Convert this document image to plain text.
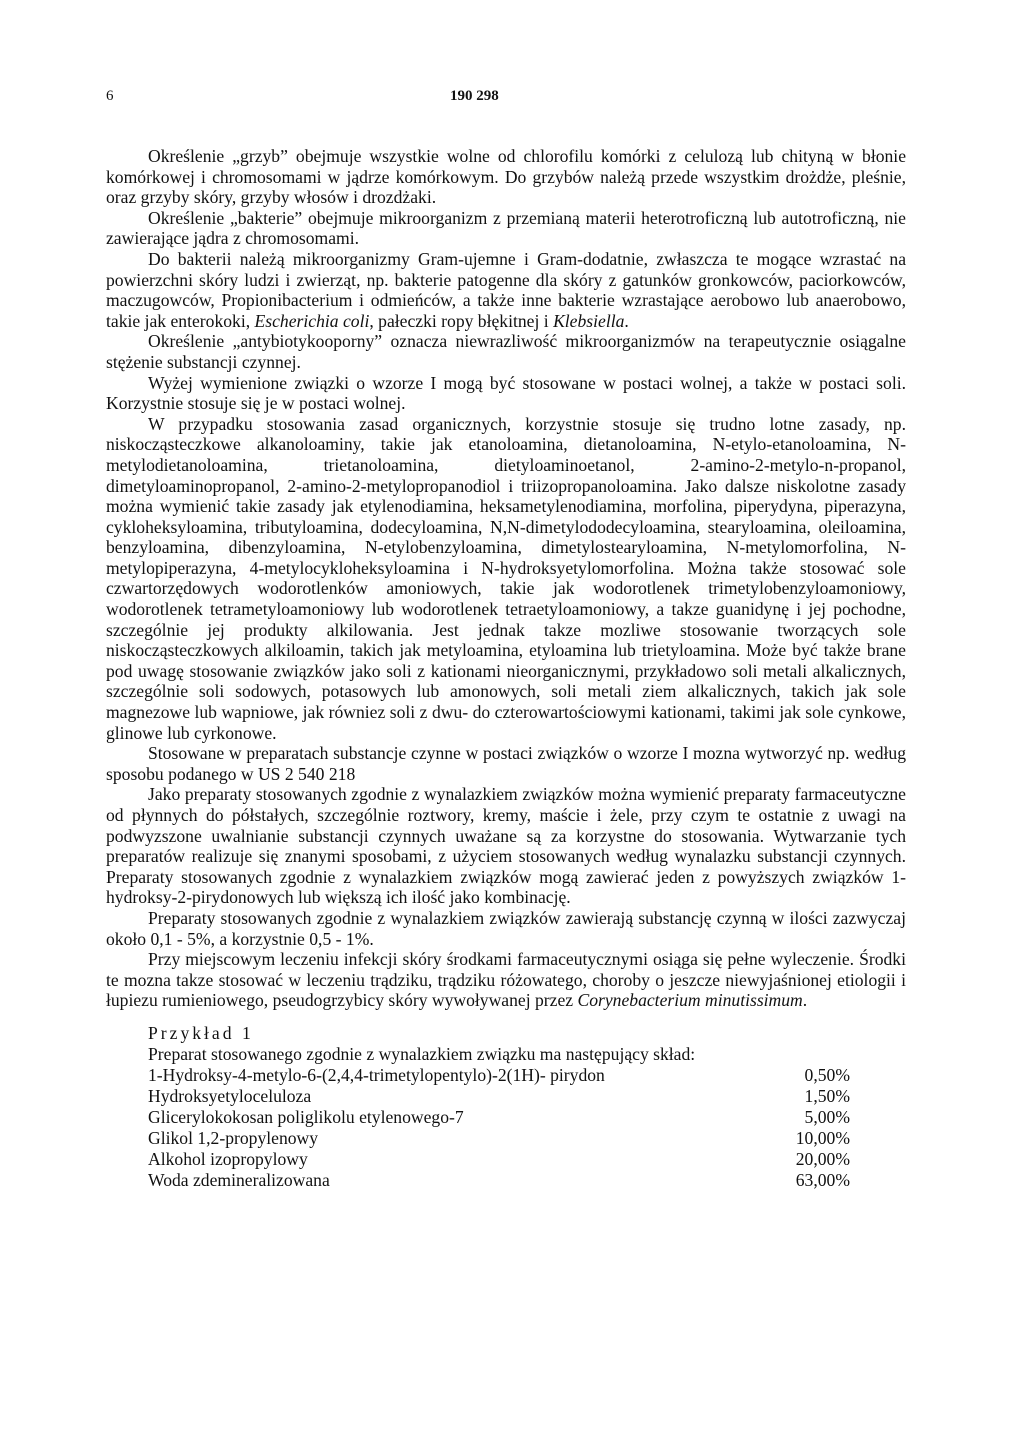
6	190 298

Określenie „grzyb” obejmuje wszystkie wolne od chlorofilu komórki z celulozą lub chityną w błonie komórkowej i chromosomami w jądrze komórkowym. Do grzybów należą przede wszystkim drożdże, pleśnie, oraz grzyby skóry, grzyby włosów i drozdżaki.

Określenie „bakterie” obejmuje mikroorganizm z przemianą materii heterotroficzną lub autotroficzną, nie zawierające jądra z chromosomami.

Do bakterii należą mikroorganizmy Gram-ujemne i Gram-dodatnie, zwłaszcza te mogące wzrastać na powierzchni skóry ludzi i zwierząt, np. bakterie patogenne dla skóry z gatunków gronkowców, paciorkowców, maczugowców, Propionibacterium i odmieńców, a także inne bakterie wzrastające aerobowo lub anaerobowo, takie jak enterokoki, Escherichia coli, pałeczki ropy błękitnej i Klebsiella.

Określenie „antybiotykooporny” oznacza niewrazliwość mikroorganizmów na terapeutycznie osiągalne stężenie substancji czynnej.

Wyżej wymienione związki o wzorze I mogą być stosowane w postaci wolnej, a także w postaci soli. Korzystnie stosuje się je w postaci wolnej.

W przypadku stosowania zasad organicznych, korzystnie stosuje się trudno lotne zasady, np. niskocząsteczkowe alkanoloaminy, takie jak etanoloamina, dietanoloamina, N-etylo-etanoloamina, N-metylodietanoloamina, trietanoloamina, dietyloaminoetanol, 2-amino-2-metylo-n-propanol, dimetyloaminopropanol, 2-amino-2-metylopropanodiol i triizopropanoloamina. Jako dalsze niskolotne zasady można wymienić takie zasady jak etylenodiamina, heksametylenodiamina, morfolina, piperydyna, piperazyna, cykloheksyloamina, tributyloamina, dodecyloamina, N,N-dimetylododecyloamina, stearyloamina, oleiloamina, benzyloamina, dibenzyloamina, N-etylobenzyloamina, dimetylostearyloamina, N-metylomorfolina, N-metylopiperazyna, 4-metylocykloheksyloamina i N-hydroksyetylomorfolina. Można także stosować sole czwartorzędowych wodorotlenków amoniowych, takie jak wodorotlenek trimetylobenzyloamoniowy, wodorotlenek tetrametyloamoniowy lub wodorotlenek tetraetyloamoniowy, a takze guanidynę i jej pochodne, szczególnie jej produkty alkilowania. Jest jednak takze mozliwe stosowanie tworzących sole niskocząsteczkowych alkiloamin, takich jak metyloamina, etyloamina lub trietyloamina. Może być także brane pod uwagę stosowanie związków jako soli z kationami nieorganicznymi, przykładowo soli metali alkalicznych, szczególnie soli sodowych, potasowych lub amonowych, soli metali ziem alkalicznych, takich jak sole magnezowe lub wapniowe, jak równiez soli z dwu- do czterowartościowymi kationami, takimi jak sole cynkowe, glinowe lub cyrkonowe.

Stosowane w preparatach substancje czynne w postaci związków o wzorze I mozna wytworzyć np. według sposobu podanego w US 2 540 218

Jako preparaty stosowanych zgodnie z wynalazkiem związków można wymienić preparaty farmaceutyczne od płynnych do półstałych, szczególnie roztwory, kremy, maście i żele, przy czym te ostatnie z uwagi na podwyzszone uwalnianie substancji czynnych uważane są za korzystne do stosowania. Wytwarzanie tych preparatów realizuje się znanymi sposobami, z użyciem stosowanych według wynalazku substancji czynnych. Preparaty stosowanych zgodnie z wynalazkiem związków mogą zawierać jeden z powyższych związków 1-hydroksy-2-pirydonowych lub większą ich ilość jako kombinację.

Preparaty stosowanych zgodnie z wynalazkiem związków zawierają substancję czynną w ilości zazwyczaj około 0,1 - 5%, a korzystnie 0,5 - 1%.

Przy miejscowym leczeniu infekcji skóry środkami farmaceutycznymi osiąga się pełne wyleczenie. Środki te mozna takze stosować w leczeniu trądziku, trądziku różowatego, choroby o jeszcze niewyjaśnionej etiologii i łupiezu rumieniowego, pseudogrzybicy skóry wywoływanej przez Corynebacterium minutissimum.

Przykład 1

Preparat stosowanego zgodnie z wynalazkiem związku ma następujący skład:

1-Hydroksy-4-metylo-6-(2,4,4-trimetylopentylo)-2(1H)- pirydon	0,50%
Hydroksyetyloceluloza	1,50%
Glicerylokokosan poliglikolu etylenowego-7	5,00%
Glikol 1,2-propylenowy	10,00%
Alkohol izopropylowy	20,00%
Woda zdemineralizowana	63,00%
